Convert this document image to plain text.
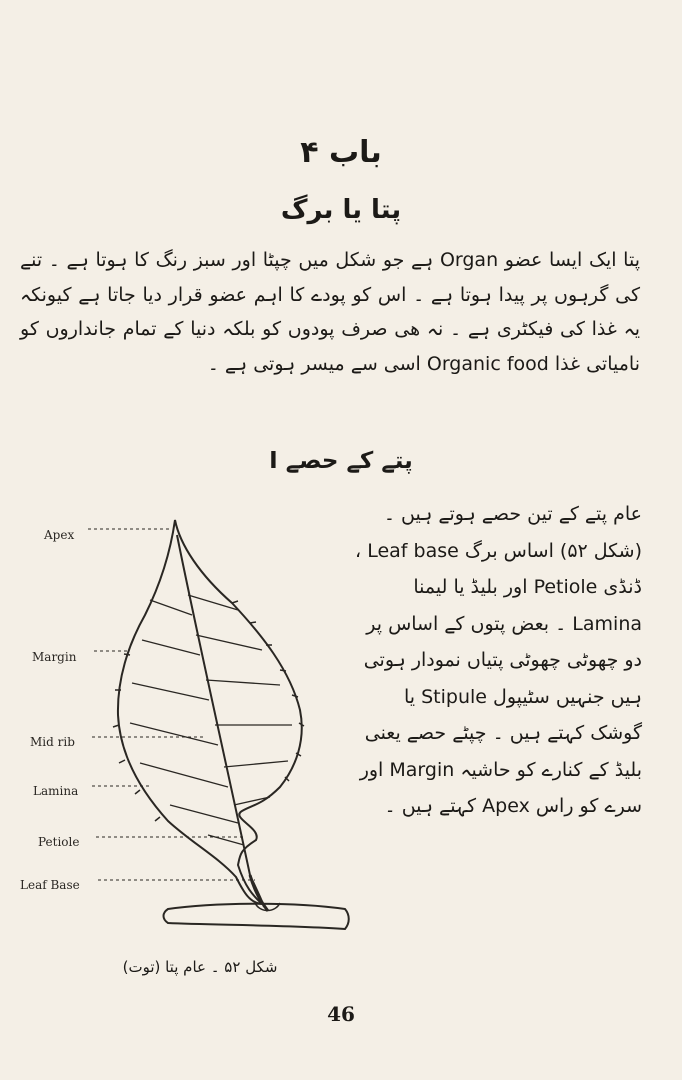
باب ۴
پتا یا برگ
پتا ایک ایسا عضو Organ ہے جو شکل میں چپٹا اور سبز رنگ کا ہوتا ہے ۔ تنے کی گرہوں پر پیدا ہوتا ہے ۔ اس کو پودے کا اہم عضو قرار دیا جاتا ہے کیونکہ یہ غذا کی فیکٹری ہے ۔ نہ ھی صرف پودوں کو بلکہ دنیا کے تمام جانداروں کو نامیاتی غذا Organic food اسی سے میسر ہوتی ہے ۔
I پتے کے حصے
عام پتے کے تین حصے ہوتے ہیں ۔ (شکل ۵۲) اساس برگ Leaf base ، ڈنڈی Petiole اور بلیڈ یا لیمنا Lamina ۔ بعض پتوں کے اساس پر دو چھوٹی چھوٹی پتیاں نمودار ہوتی ہیں جنہیں سٹیپول Stipule یا گوشک کہتے ہیں ۔ چپٹے حصے یعنی بلیڈ کے کنارے کو حاشیہ Margin اور سرے کو راس Apex کہتے ہیں ۔
Apex
Margin
Mid rib
Lamina
Petiole
Leaf Base
شکل ۵۲ ۔ عام پتا (توت)
46
